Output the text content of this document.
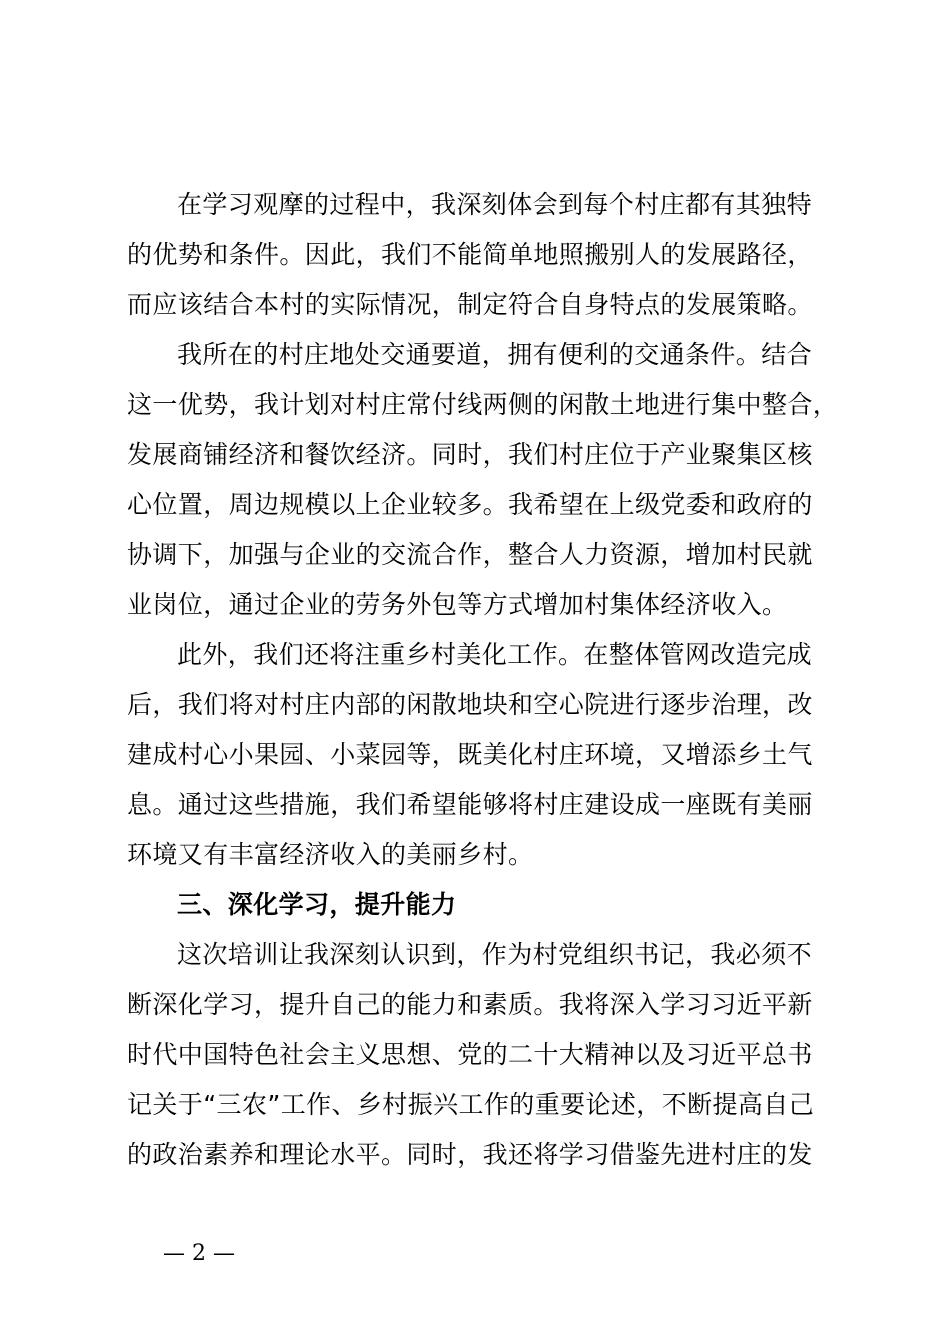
在学习观摩的过程中，我深刻体会到每个村庄都有其独特
的优势和条件。因此，我们不能简单地照搬别人的发展路径，
而应该结合本村的实际情况，制定符合自身特点的发展策略。
我所在的村庄地处交通要道，拥有便利的交通条件。结合
这一优势，我计划对村庄常付线两侧的闲散土地进行集中整合，
发展商铺经济和餐饮经济。同时，我们村庄位于产业聚集区核
心位置，周边规模以上企业较多。我希望在上级党委和政府的
协调下，加强与企业的交流合作，整合人力资源，增加村民就
业岗位，通过企业的劳务外包等方式增加村集体经济收入。
此外，我们还将注重乡村美化工作。在整体管网改造完成
后，我们将对村庄内部的闲散地块和空心院进行逐步治理，改
建成村心小果园、小菜园等，既美化村庄环境，又增添乡土气
息。通过这些措施，我们希望能够将村庄建设成一座既有美丽
环境又有丰富经济收入的美丽乡村。
三、深化学习，提升能力
这次培训让我深刻认识到，作为村党组织书记，我必须不
断深化学习，提升自己的能力和素质。我将深入学习习近平新
时代中国特色社会主义思想、党的二十大精神以及习近平总书
记关于“三农”工作、乡村振兴工作的重要论述，不断提高自己
的政治素养和理论水平。同时，我还将学习借鉴先进村庄的发
— 2 —
